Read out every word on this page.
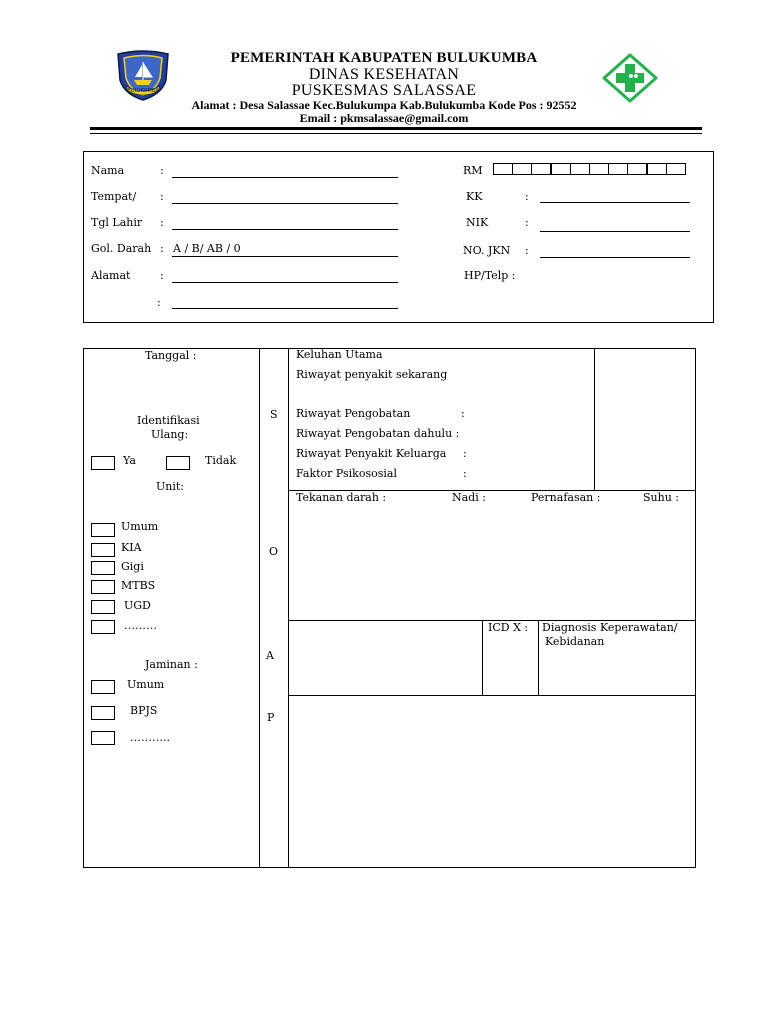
BULUKUMBA
PEMERINTAH KABUPATEN BULUKUMBA
DINAS KESEHATAN
PUSKESMAS SALASSAE
Alamat : Desa Salassae Kec.Bulukumpa Kab.Bulukumba Kode Pos : 92552
Email : pkmsalassae@gmail.com
Nama	:
Tempat/ :
Tgl Lahir :
Gol. Darah : A / B/ AB / 0
Alamat	:
:
RM
KK	:
NIK	:
NO. JKN :
HP/Telp :
Tanggal :
Identifikasi
Ulang:
Ya	Tidak
Unit:
Umum
KIA
Gigi
MTBS
UGD
………
Jaminan :
Umum
BPJS
………..
S
O
A
P
Keluhan Utama
Riwayat penyakit sekarang
Riwayat Pengobatan	:
Riwayat Pengobatan dahulu :
Riwayat Penyakit Keluarga :
Faktor Psikososial	:
Tekanan darah :	Nadi :	Pernafasan :	Suhu :
ICD X : Diagnosis Keperawatan/
Kebidanan
